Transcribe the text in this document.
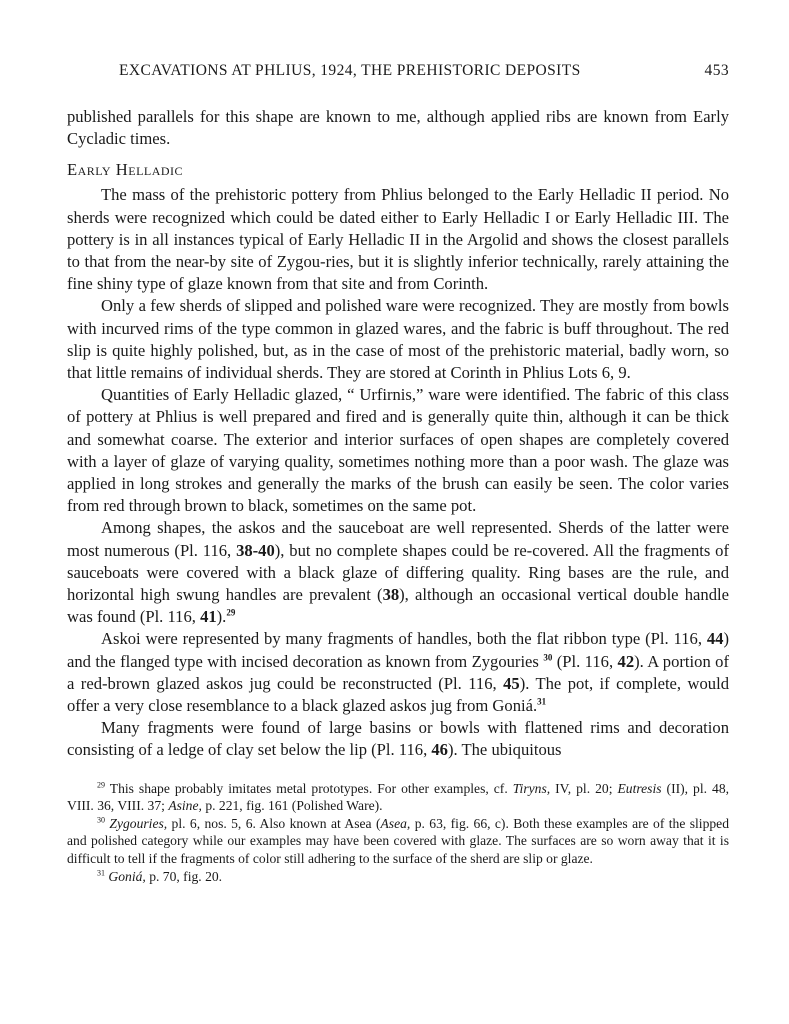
EXCAVATIONS AT PHLIUS, 1924, THE PREHISTORIC DEPOSITS	453

published parallels for this shape are known to me, although applied ribs are known from Early Cycladic times.

Early Helladic

The mass of the prehistoric pottery from Phlius belonged to the Early Helladic II period. No sherds were recognized which could be dated either to Early Helladic I or Early Helladic III. The pottery is in all instances typical of Early Helladic II in the Argolid and shows the closest parallels to that from the near-by site of Zygou-ries, but it is slightly inferior technically, rarely attaining the fine shiny type of glaze known from that site and from Corinth.

Only a few sherds of slipped and polished ware were recognized. They are mostly from bowls with incurved rims of the type common in glazed wares, and the fabric is buff throughout. The red slip is quite highly polished, but, as in the case of most of the prehistoric material, badly worn, so that little remains of individual sherds. They are stored at Corinth in Phlius Lots 6, 9.

Quantities of Early Helladic glazed, “ Urfirnis,” ware were identified. The fabric of this class of pottery at Phlius is well prepared and fired and is generally quite thin, although it can be thick and somewhat coarse. The exterior and interior surfaces of open shapes are completely covered with a layer of glaze of varying quality, sometimes nothing more than a poor wash. The glaze was applied in long strokes and generally the marks of the brush can easily be seen. The color varies from red through brown to black, sometimes on the same pot.

Among shapes, the askos and the sauceboat are well represented. Sherds of the latter were most numerous (Pl. 116, 38-40), but no complete shapes could be re-covered. All the fragments of sauceboats were covered with a black glaze of differing quality. Ring bases are the rule, and horizontal high swung handles are prevalent (38), although an occasional vertical double handle was found (Pl. 116, 41).$^{29}$

Askoi were represented by many fragments of handles, both the flat ribbon type (Pl. 116, 44) and the flanged type with incised decoration as known from Zygouries $^{30}$ (Pl. 116, 42). A portion of a red-brown glazed askos jug could be reconstructed (Pl. 116, 45). The pot, if complete, would offer a very close resemblance to a black glazed askos jug from Goniá.$^{31}$

Many fragments were found of large basins or bowls with flattened rims and decoration consisting of a ledge of clay set below the lip (Pl. 116, 46). The ubiquitous

$^{29}$ This shape probably imitates metal prototypes. For other examples, cf. Tiryns, IV, pl. 20; Eutresis (II), pl. 48, VIII. 36, VIII. 37; Asine, p. 221, fig. 161 (Polished Ware).

$^{30}$ Zygouries, pl. 6, nos. 5, 6. Also known at Asea (Asea, p. 63, fig. 66, c). Both these examples are of the slipped and polished category while our examples may have been covered with glaze. The surfaces are so worn away that it is difficult to tell if the fragments of color still adhering to the surface of the sherd are slip or glaze.

$^{31}$ Goniá, p. 70, fig. 20.
